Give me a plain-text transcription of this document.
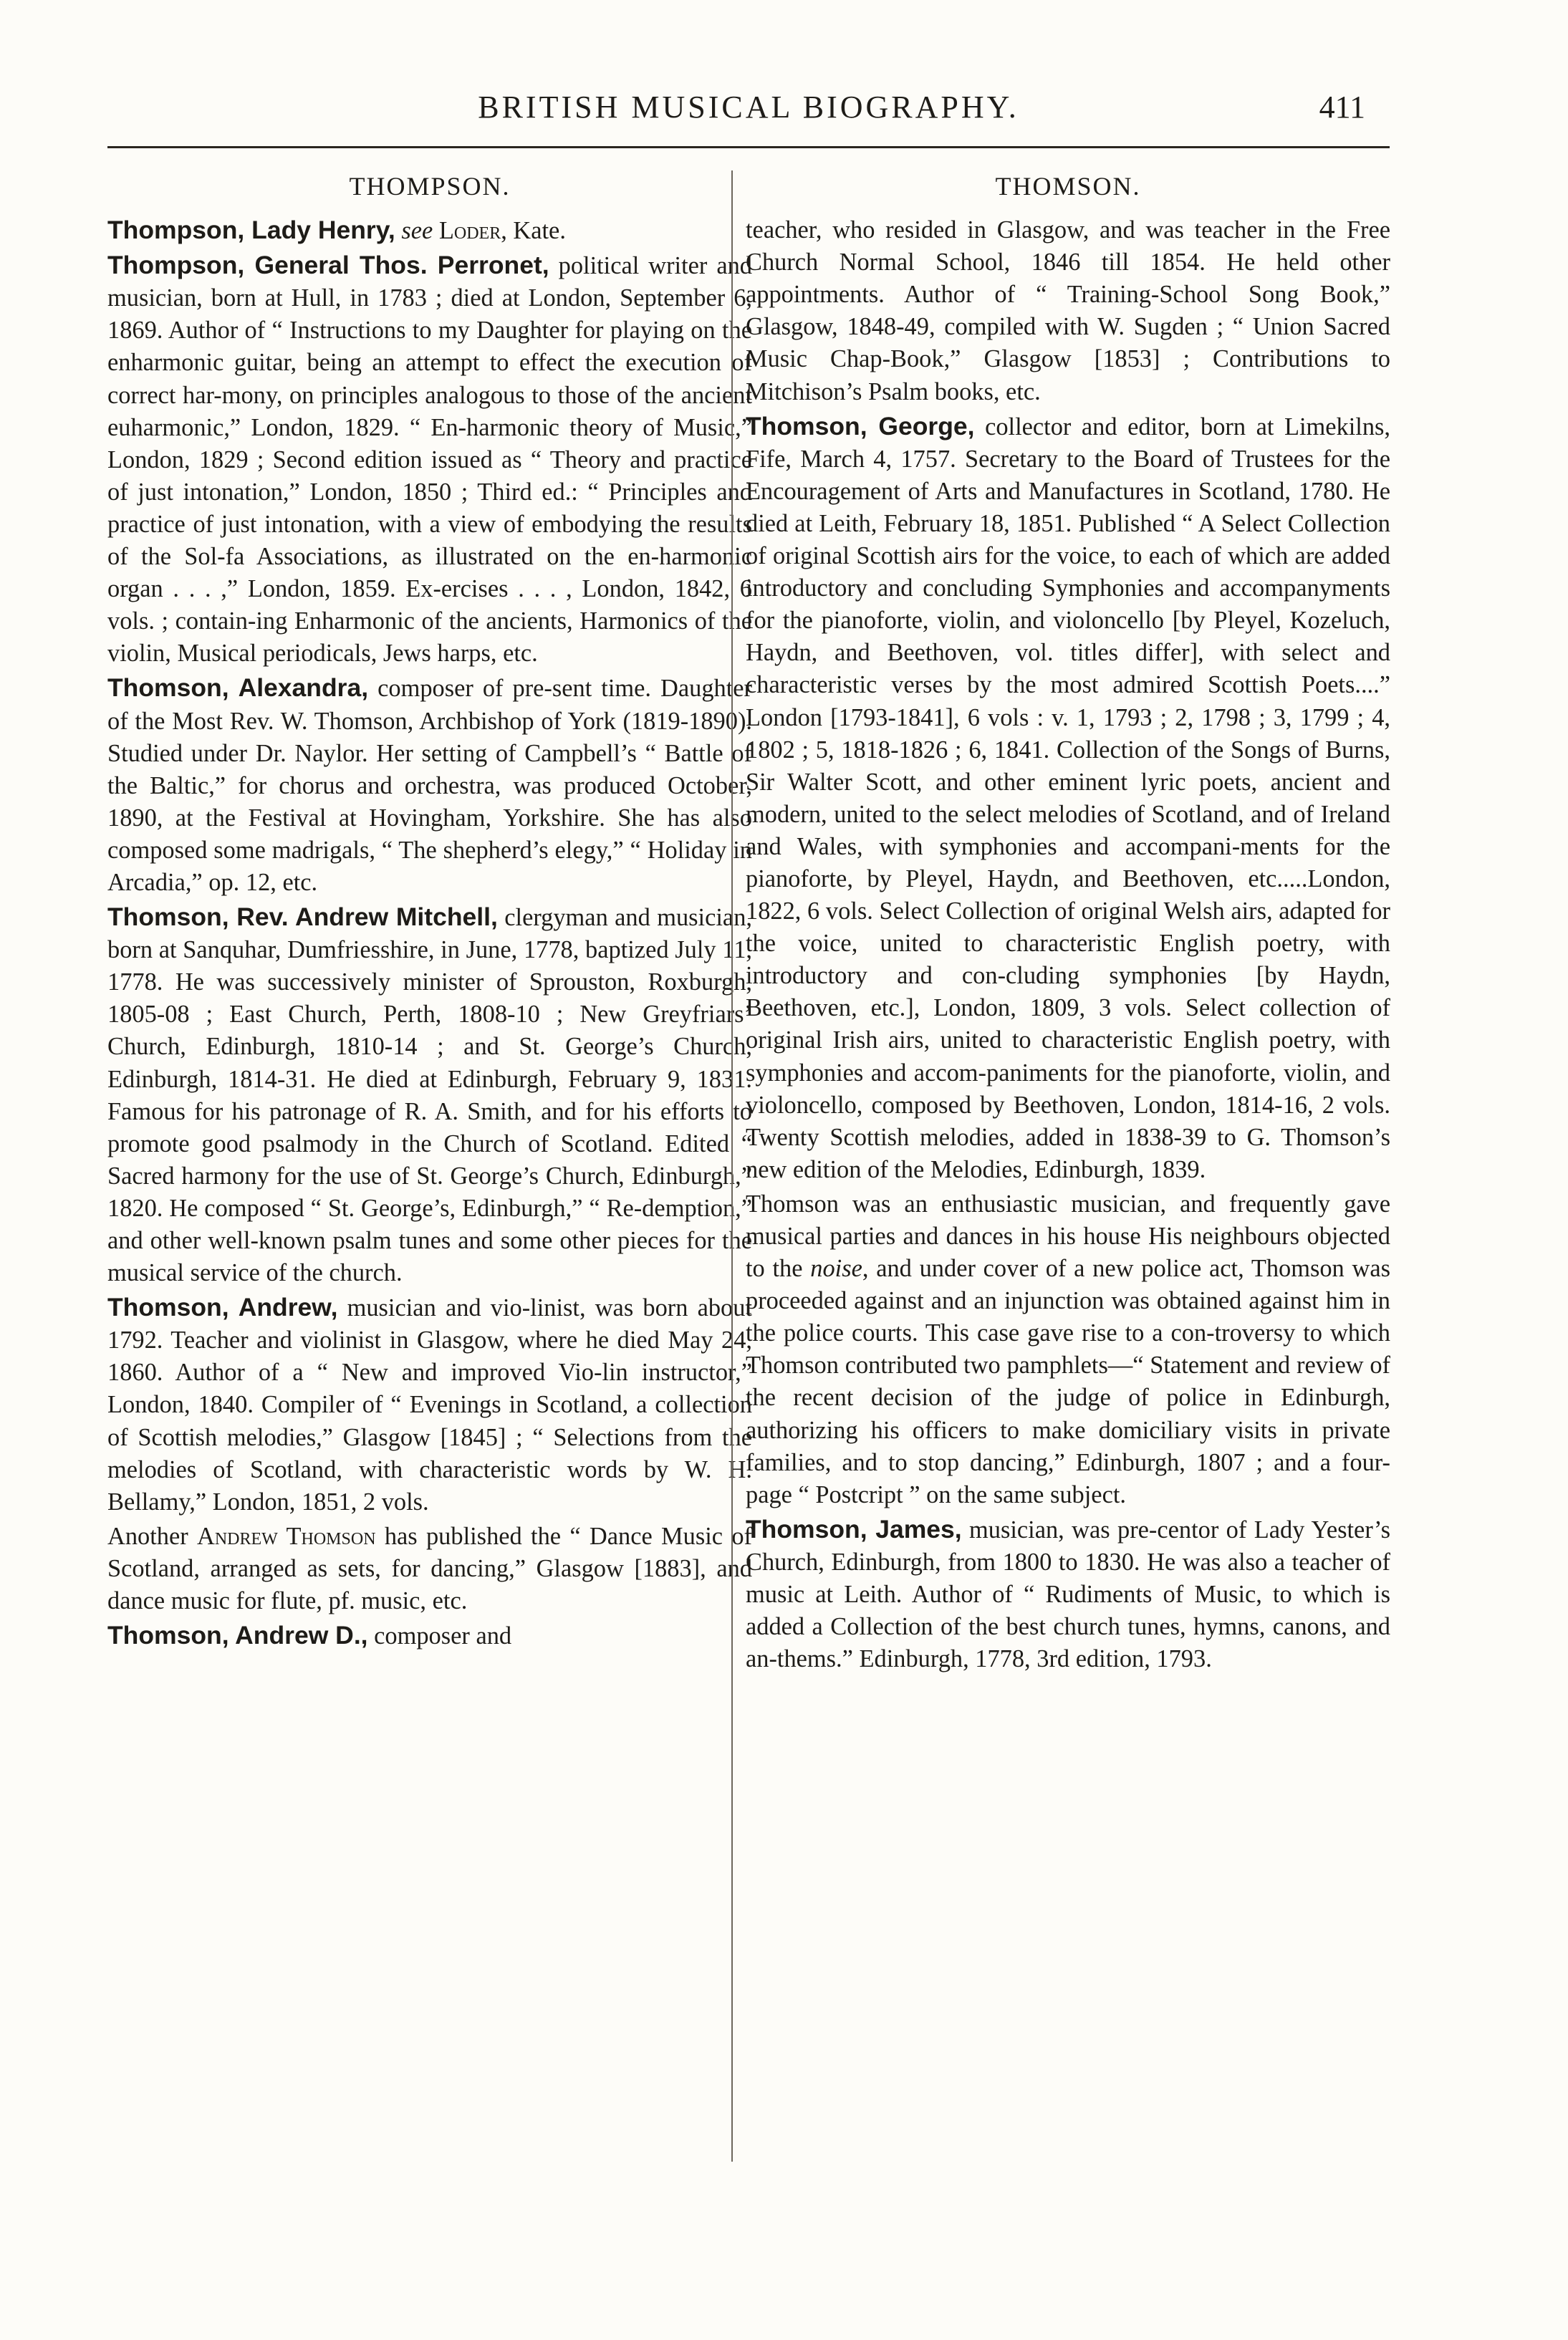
BRITISH MUSICAL BIOGRAPHY.	411
THOMPSON.

Thompson, Lady Henry, see Loder, Kate.

Thompson, General Thos. Perronet, political writer and musician, born at Hull, in 1783 ; died at London, September 6, 1869. Author of “ Instructions to my Daughter for playing on the enharmonic guitar, being an attempt to effect the execution of correct har-mony, on principles analogous to those of the ancient euharmonic,” London, 1829. “ En-harmonic theory of Music,” London, 1829 ; Second edition issued as “ Theory and practice of just intonation,” London, 1850 ; Third ed.: “ Principles and practice of just intonation, with a view of embodying the results of the Sol-fa Associations, as illustrated on the en-harmonic organ . . . ,” London, 1859. Ex-ercises . . . , London, 1842, 6 vols. ; contain-ing Enharmonic of the ancients, Harmonics of the violin, Musical periodicals, Jews harps, etc.

Thomson, Alexandra, composer of pre-sent time. Daughter of the Most Rev. W. Thomson, Archbishop of York (1819-1890). Studied under Dr. Naylor. Her setting of Campbell’s “ Battle of the Baltic,” for chorus and orchestra, was produced October, 1890, at the Festival at Hovingham, Yorkshire. She has also composed some madrigals, “ The shepherd’s elegy,” “ Holiday in Arcadia,” op. 12, etc.

Thomson, Rev. Andrew Mitchell, clergyman and musician, born at Sanquhar, Dumfriesshire, in June, 1778, baptized July 11, 1778. He was successively minister of Sprouston, Roxburgh, 1805-08 ; East Church, Perth, 1808-10 ; New Greyfriars’ Church, Edinburgh, 1810-14 ; and St. George’s Church, Edinburgh, 1814-31. He died at Edinburgh, February 9, 1831. Famous for his patronage of R. A. Smith, and for his efforts to promote good psalmody in the Church of Scotland. Edited “ Sacred harmony for the use of St. George’s Church, Edinburgh,” 1820. He composed “ St. George’s, Edinburgh,” “ Re-demption,” and other well-known psalm tunes and some other pieces for the musical service of the church.

Thomson, Andrew, musician and vio-linist, was born about 1792. Teacher and violinist in Glasgow, where he died May 24, 1860. Author of a “ New and improved Vio-lin instructor,” London, 1840. Compiler of “ Evenings in Scotland, a collection of Scottish melodies,” Glasgow [1845] ; “ Selections from the melodies of Scotland, with characteristic words by W. H. Bellamy,” London, 1851, 2 vols.

Another Andrew Thomson has published the “ Dance Music of Scotland, arranged as sets, for dancing,” Glasgow [1883], and dance music for flute, pf. music, etc.

Thomson, Andrew D., composer and

THOMSON.

teacher, who resided in Glasgow, and was teacher in the Free Church Normal School, 1846 till 1854. He held other appointments. Author of “ Training-School Song Book,” Glasgow, 1848-49, compiled with W. Sugden ; “ Union Sacred Music Chap-Book,” Glasgow [1853] ; Contributions to Mitchison’s Psalm books, etc.

Thomson, George, collector and editor, born at Limekilns, Fife, March 4, 1757. Secretary to the Board of Trustees for the Encouragement of Arts and Manufactures in Scotland, 1780. He died at Leith, February 18, 1851. Published “ A Select Collection of original Scottish airs for the voice, to each of which are added introductory and concluding Symphonies and accompanyments for the pianoforte, violin, and violoncello [by Pleyel, Kozeluch, Haydn, and Beethoven, vol. titles differ], with select and characteristic verses by the most admired Scottish Poets....” London [1793-1841], 6 vols : v. 1, 1793 ; 2, 1798 ; 3, 1799 ; 4, 1802 ; 5, 1818-1826 ; 6, 1841. Collection of the Songs of Burns, Sir Walter Scott, and other eminent lyric poets, ancient and modern, united to the select melodies of Scotland, and of Ireland and Wales, with symphonies and accompani-ments for the pianoforte, by Pleyel, Haydn, and Beethoven, etc.....London, 1822, 6 vols. Select Collection of original Welsh airs, adapted for the voice, united to characteristic English poetry, with introductory and con-cluding symphonies [by Haydn, Beethoven, etc.], London, 1809, 3 vols. Select collection of original Irish airs, united to characteristic English poetry, with symphonies and accom-paniments for the pianoforte, violin, and violoncello, composed by Beethoven, London, 1814-16, 2 vols. Twenty Scottish melodies, added in 1838-39 to G. Thomson’s new edition of the Melodies, Edinburgh, 1839.

Thomson was an enthusiastic musician, and frequently gave musical parties and dances in his house His neighbours objected to the noise, and under cover of a new police act, Thomson was proceeded against and an injunction was obtained against him in the police courts. This case gave rise to a con-troversy to which Thomson contributed two pamphlets—“ Statement and review of the recent decision of the judge of police in Edinburgh, authorizing his officers to make domiciliary visits in private families, and to stop dancing,” Edinburgh, 1807 ; and a four-page “ Postcript ” on the same subject.

Thomson, James, musician, was pre-centor of Lady Yester’s Church, Edinburgh, from 1800 to 1830. He was also a teacher of music at Leith. Author of “ Rudiments of Music, to which is added a Collection of the best church tunes, hymns, canons, and an-thems.” Edinburgh, 1778, 3rd edition, 1793.
